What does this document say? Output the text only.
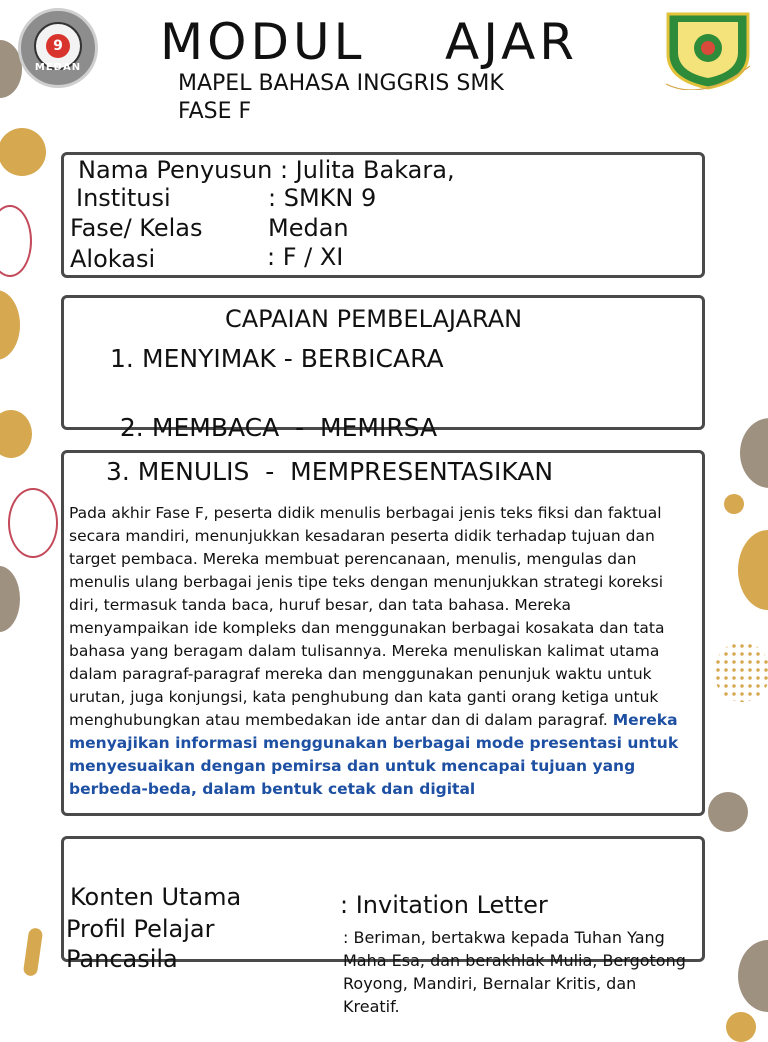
9
MEDAN MODUL    AJAR
MAPEL BAHASA INGGRIS SMK
FASE F
Nama Penyusun : Julita Bakara,
Institusi	: SMKN 9
Fase/ Kelas	Medan
Alokasi	: F / XI
CAPAIAN PEMBELAJARAN
1. MENYIMAK - BERBICARA

2. MEMBACA  -  MEMIRSA

3. MENULIS  -  MEMPRESENTASIKAN
Pada akhir Fase F, peserta didik menulis berbagai jenis teks fiksi dan faktual secara mandiri, menunjukkan kesadaran peserta didik terhadap tujuan dan target pembaca. Mereka membuat perencanaan, menulis, mengulas dan menulis ulang berbagai jenis tipe teks dengan menunjukkan strategi koreksi diri, termasuk tanda baca, huruf besar, dan tata bahasa. Mereka menyampaikan ide kompleks dan menggunakan berbagai kosakata dan tata bahasa yang beragam dalam tulisannya. Mereka menuliskan kalimat utama dalam paragraf-paragraf mereka dan menggunakan penunjuk waktu untuk urutan, juga konjungsi, kata penghubung dan kata ganti orang ketiga untuk menghubungkan atau membedakan ide antar dan di dalam paragraf. Mereka menyajikan informasi menggunakan berbagai mode presentasi untuk menyesuaikan dengan pemirsa dan untuk mencapai tujuan yang berbeda-beda, dalam bentuk cetak dan digital
Konten Utama	: Invitation Letter
Profil Pelajar
Pancasila
: Beriman, bertakwa kepada Tuhan Yang Maha Esa, dan berakhlak Mulia, Bergotong Royong, Mandiri, Bernalar Kritis, dan Kreatif.
